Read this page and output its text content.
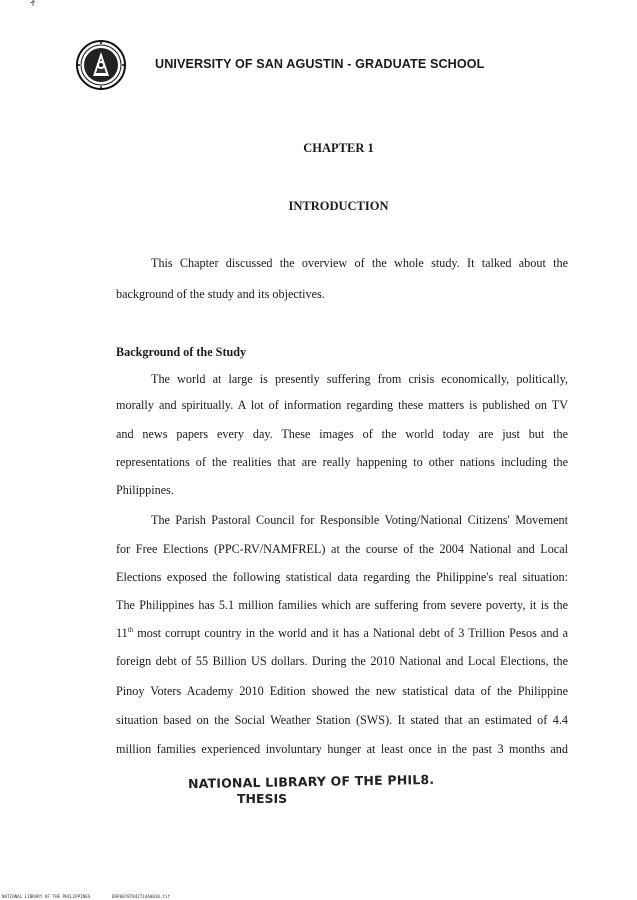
UNIVERSITY OF SAN AGUSTIN - GRADUATE SCHOOL
CHAPTER 1
INTRODUCTION
This Chapter discussed the overview of the whole study. It talked about the
background of the study and its objectives.
Background of the Study
The world at large is presently suffering from crisis economically, politically,
morally and spiritually. A lot of information regarding these matters is published on TV
and news papers every day. These images of the world today are just but the
representations of the realities that are really happening to other nations including the
Philippines.
The Parish Pastoral Council for Responsible Voting/National Citizens' Movement
for Free Elections (PPC-RV/NAMFREL) at the course of the 2004 National and Local
Elections exposed the following statistical data regarding the Philippine's real situation:
The Philippines has 5.1 million families which are suffering from severe poverty, it is the
11th most corrupt country in the world and it has a National debt of 3 Trillion Pesos and a
foreign debt of 55 Billion US dollars. During the 2010 National and Local Elections, the
Pinoy Voters Academy 2010 Edition showed the new statistical data of the Philippine
situation based on the Social Weather Station (SWS). It stated that an estimated of 4.4
million families experienced involuntary hunger at least once in the past 3 months and
NATIONAL LIBRARY OF THE PHIL8.
THESIS
NATIONAL LIBRARY OF THE PHILIPPINES	BSP00707042714A0010.tif
